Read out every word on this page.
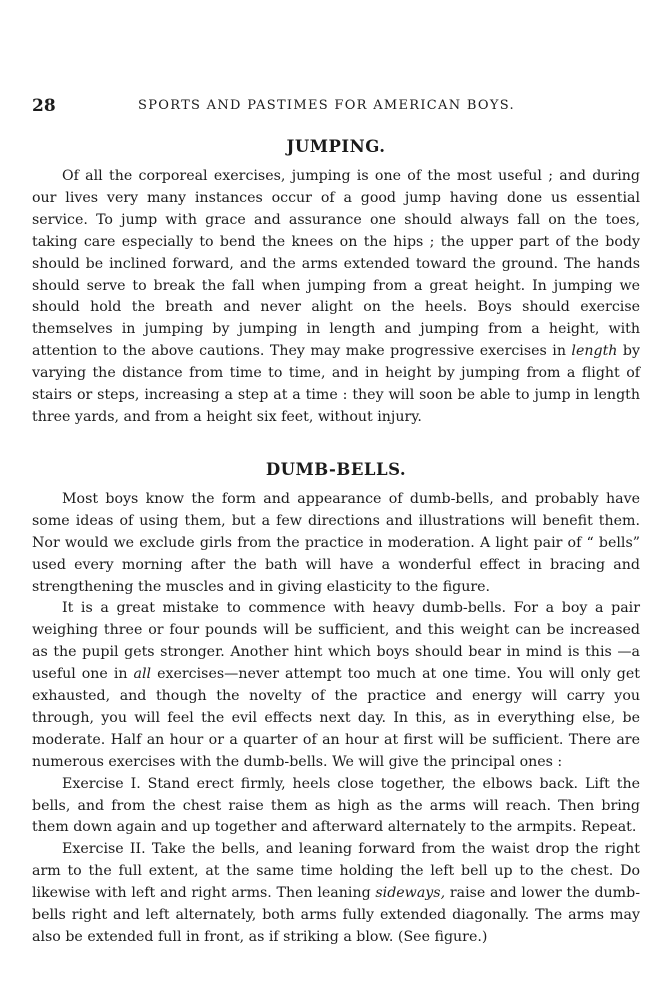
28	SPORTS AND PASTIMES FOR AMERICAN BOYS.
JUMPING.

Of all the corporeal exercises, jumping is one of the most useful ; and during our lives very many instances occur of a good jump having done us essential service. To jump with grace and assurance one should always fall on the toes, taking care especially to bend the knees on the hips ; the upper part of the body should be inclined forward, and the arms extended toward the ground. The hands should serve to break the fall when jumping from a great height. In jumping we should hold the breath and never alight on the heels. Boys should exercise themselves in jumping by jumping in length and jumping from a height, with attention to the above cautions. They may make progressive exercises in length by varying the distance from time to time, and in height by jumping from a flight of stairs or steps, increasing a step at a time : they will soon be able to jump in length three yards, and from a height six feet, without injury.

DUMB-BELLS.

Most boys know the form and appearance of dumb-bells, and probably have some ideas of using them, but a few directions and illustrations will benefit them. Nor would we exclude girls from the practice in moderation. A light pair of “ bells” used every morning after the bath will have a wonderful effect in bracing and strengthening the muscles and in giving elasticity to the figure.

It is a great mistake to commence with heavy dumb-bells. For a boy a pair weighing three or four pounds will be sufficient, and this weight can be increased as the pupil gets stronger. Another hint which boys should bear in mind is this —a useful one in all exercises—never attempt too much at one time. You will only get exhausted, and though the novelty of the practice and energy will carry you through, you will feel the evil effects next day. In this, as in everything else, be moderate. Half an hour or a quarter of an hour at first will be sufficient. There are numerous exercises with the dumb-bells. We will give the principal ones :

Exercise I. Stand erect firmly, heels close together, the elbows back. Lift the bells, and from the chest raise them as high as the arms will reach. Then bring them down again and up together and afterward alternately to the armpits. Repeat.

Exercise II. Take the bells, and leaning forward from the waist drop the right arm to the full extent, at the same time holding the left bell up to the chest. Do likewise with left and right arms. Then leaning sideways, raise and lower the dumb-bells right and left alternately, both arms fully extended diagonally. The arms may also be extended full in front, as if striking a blow. (See figure.)
